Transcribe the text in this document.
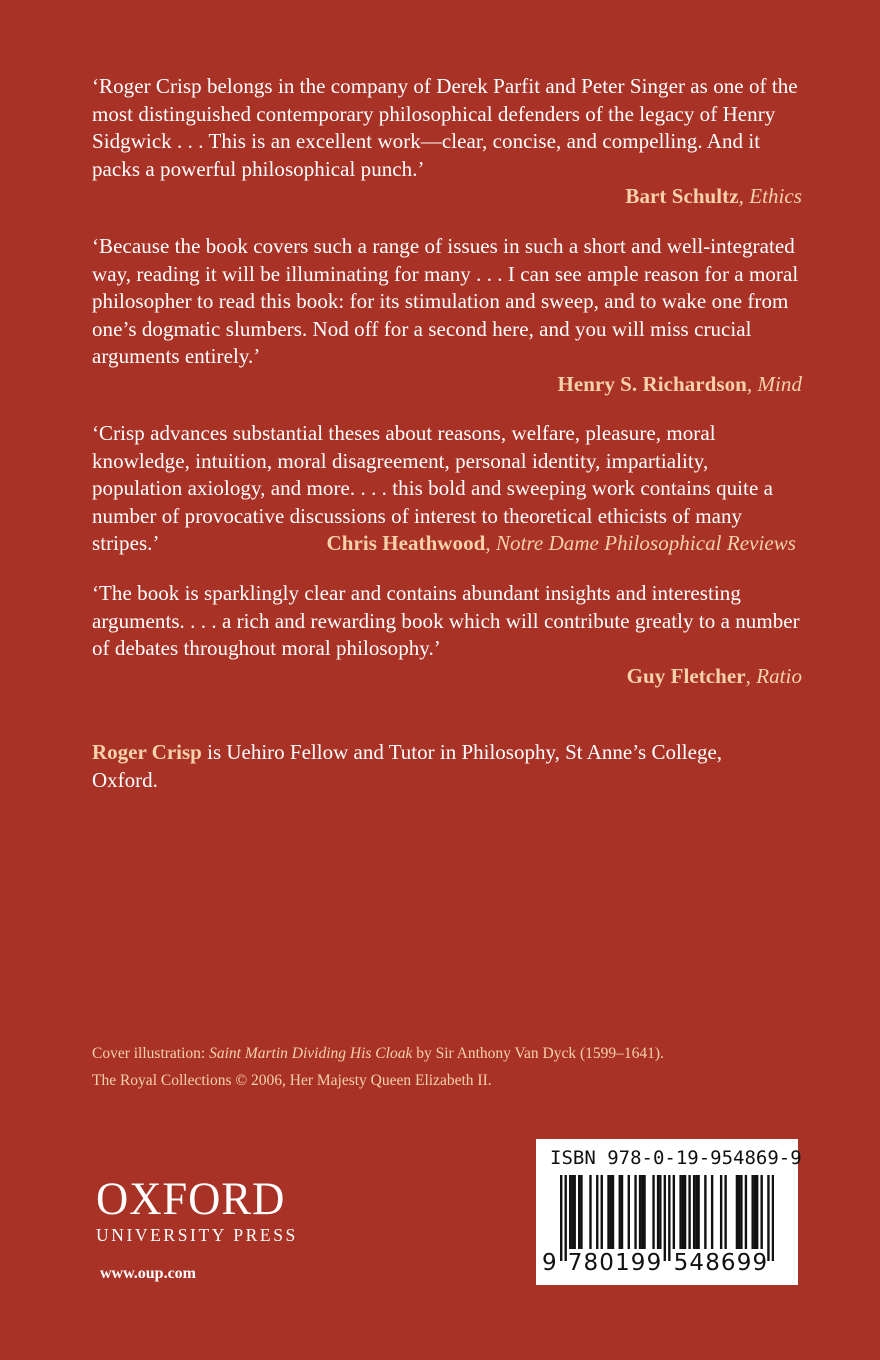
‘Roger Crisp belongs in the company of Derek Parfit and Peter Singer as one of the most distinguished contemporary philosophical defenders of the legacy of Henry Sidgwick . . . This is an excellent work—clear, concise, and compelling. And it packs a powerful philosophical punch.’

Bart Schultz, Ethics

‘Because the book covers such a range of issues in such a short and well-integrated way, reading it will be illuminating for many . . . I can see ample reason for a moral philosopher to read this book: for its stimulation and sweep, and to wake one from one’s dogmatic slumbers. Nod off for a second here, and you will miss crucial arguments entirely.’

Henry S. Richardson, Mind

‘Crisp advances substantial theses about reasons, welfare, pleasure, moral knowledge, intuition, moral disagreement, personal identity, impartiality, population axiology, and more. . . . this bold and sweeping work contains quite a number of provocative discussions of interest to theoretical ethicists of many stripes.’	Chris Heathwood, Notre Dame Philosophical Reviews

‘The book is sparklingly clear and contains abundant insights and interesting arguments. . . . a rich and rewarding book which will contribute greatly to a number of debates throughout moral philosophy.’

Guy Fletcher, Ratio

Roger Crisp is Uehiro Fellow and Tutor in Philosophy, St Anne’s College, Oxford.
Cover illustration: Saint Martin Dividing His Cloak by Sir Anthony Van Dyck (1599–1641).
The Royal Collections © 2006, Her Majesty Queen Elizabeth II.
OXFORD
UNIVERSITY PRESS
www.oup.com
ISBN 978-0-19-954869-9
9 7 8 0 1 9 9 5 4 8 6 9 9
